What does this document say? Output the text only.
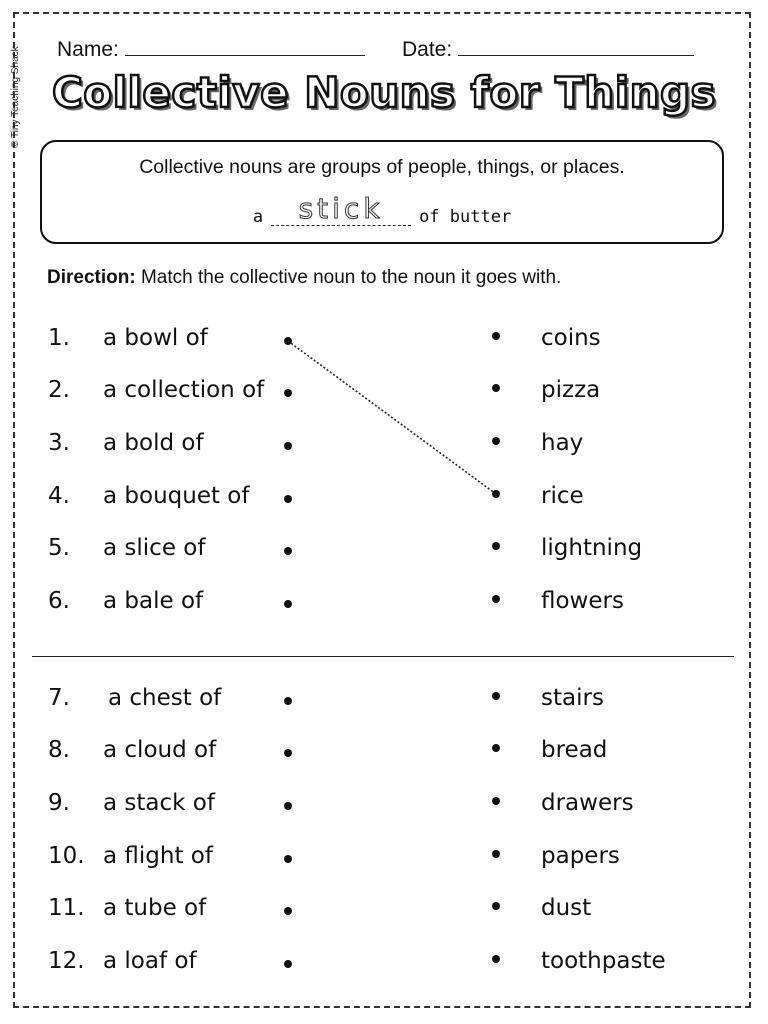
© Tiny Teaching Shack Name:	Date:
Collective Nouns for Things
Collective nouns are groups of people, things, or places.
a stick of butter
Direction: Match the collective noun to the noun it goes with.
1. a bowl of	coins
2. a collection of	pizza
3. a bold of	hay
4. a bouquet of	rice
5. a slice of	lightning
6. a bale of	flowers
7. a chest of	stairs
8. a cloud of	bread
9. a stack of	drawers
10. a flight of	papers
11. a tube of	dust
12. a loaf of	toothpaste
